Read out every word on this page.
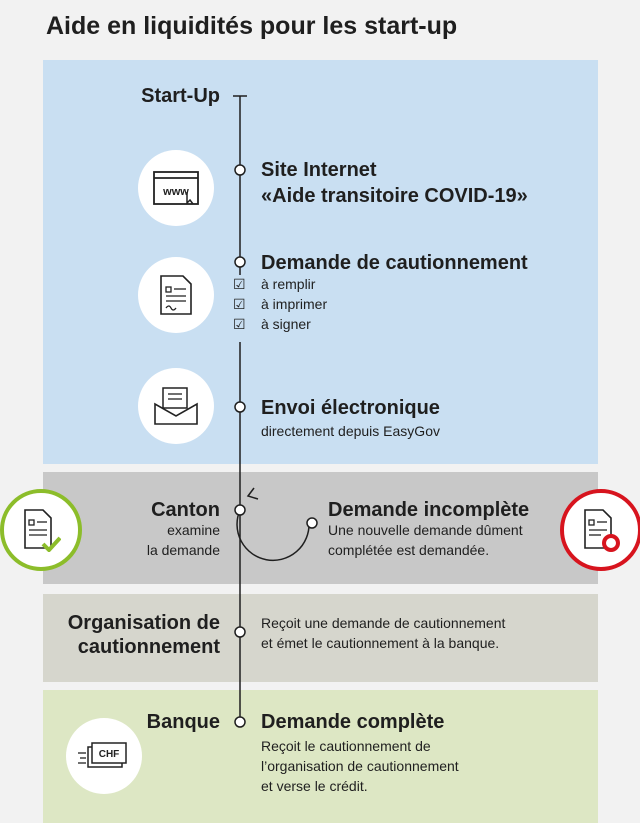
Aide en liquidités pour les start-up
Start-Up
www
Site Internet
«Aide transitoire COVID-19»
Demande de cautionnement
☑	à remplir
☑	à imprimer
☑	à signer
Envoi électronique
directement depuis EasyGov
Canton
examine
la demande
Demande incomplète
Une nouvelle demande dûment
complétée est demandée.
Organisation de
cautionnement
Reçoit une demande de cautionnement
et émet le cautionnement à la banque.
CHF
Banque Demande complète
Reçoit le cautionnement de
l’organisation de cautionnement
et verse le crédit.
